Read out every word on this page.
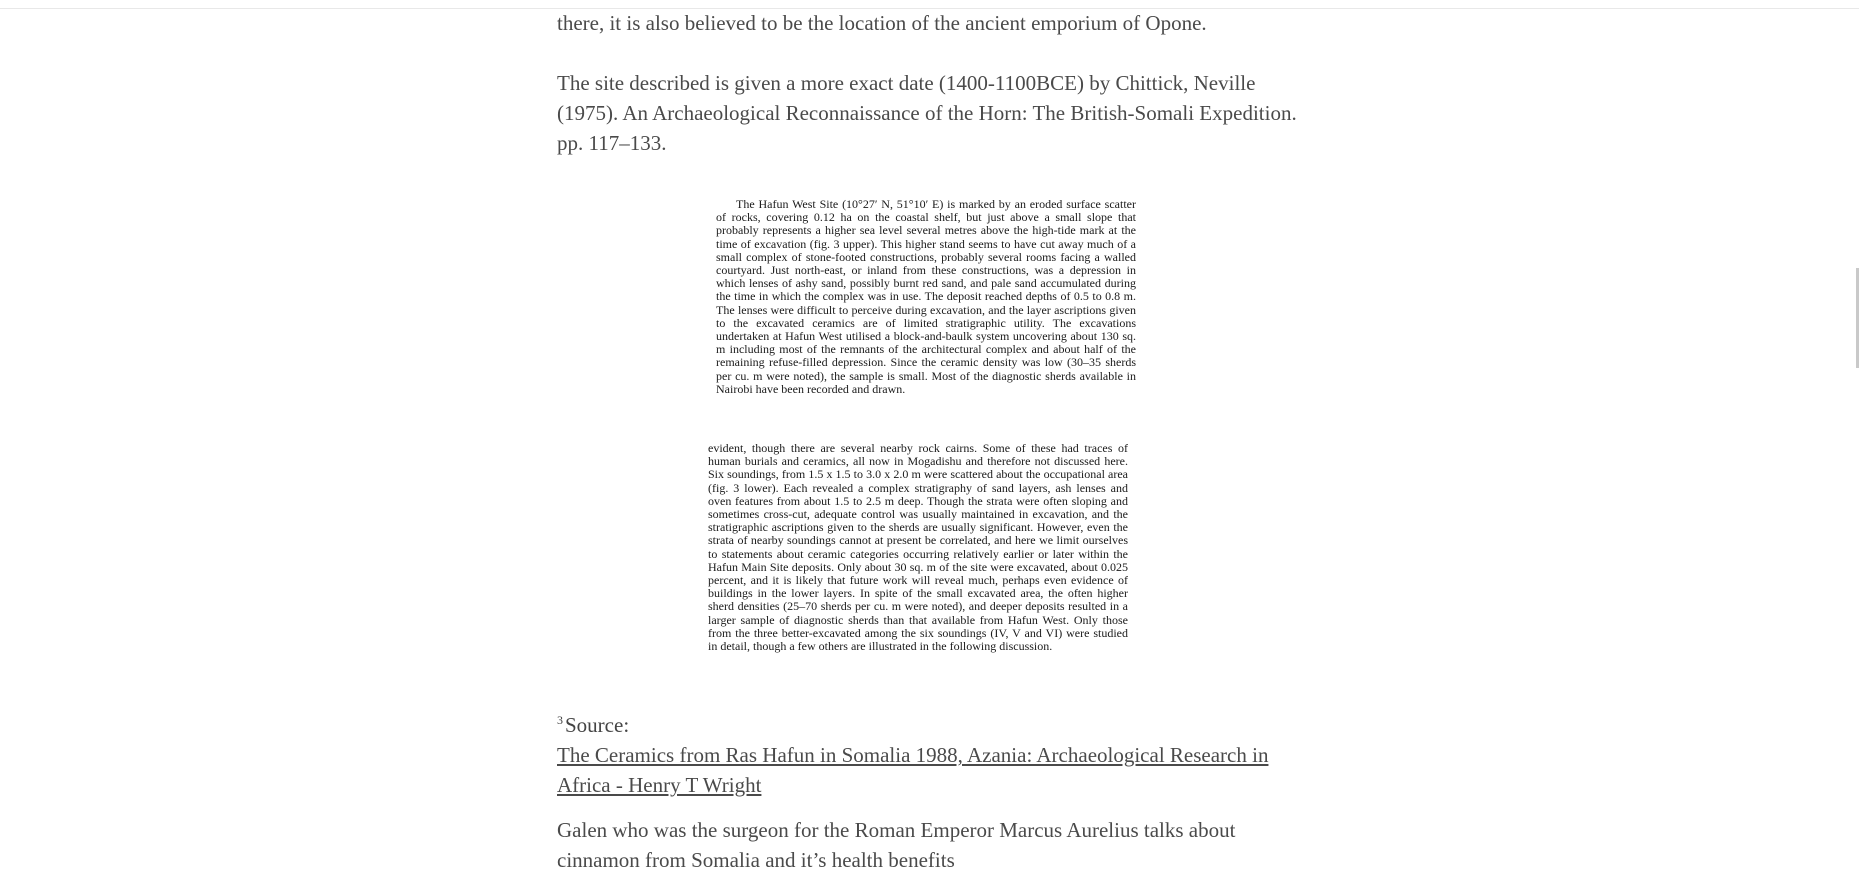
there, it is also believed to be the location of the ancient emporium of Opone.

The site described is given a more exact date (1400-1100BCE) by Chittick, Neville (1975). An Archaeological Reconnaissance of the Horn: The British-Somali Expedition. pp. 117–133.

$^3$Source:
The Ceramics from Ras Hafun in Somalia 1988, Azania: Archaeological Research in Africa - Henry T Wright

Galen who was the surgeon for the Roman Emperor Marcus Aurelius talks about cinnamon from Somalia and it’s health benefits

The Hafun West Site (10°27′ N, 51°10′ E) is marked by an eroded surface scatter of rocks, covering 0.12 ha on the coastal shelf, but just above a small slope that probably represents a higher sea level several metres above the high-tide mark at the time of excavation (fig. 3 upper). This higher stand seems to have cut away much of a small complex of stone-footed constructions, probably several rooms facing a walled courtyard. Just north-east, or inland from these constructions, was a depression in which lenses of ashy sand, possibly burnt red sand, and pale sand accumulated during the time in which the complex was in use. The deposit reached depths of 0.5 to 0.8 m. The lenses were difficult to perceive during excavation, and the layer ascriptions given to the excavated ceramics are of limited stratigraphic utility. The excavations undertaken at Hafun West utilised a block-and-baulk system uncovering about 130 sq. m including most of the remnants of the architectural complex and about half of the remaining refuse-filled depression. Since the ceramic density was low (30–35 sherds per cu. m were noted), the sample is small. Most of the diagnostic sherds available in Nairobi have been recorded and drawn.

evident, though there are several nearby rock cairns. Some of these had traces of human burials and ceramics, all now in Mogadishu and therefore not discussed here. Six soundings, from 1.5 x 1.5 to 3.0 x 2.0 m were scattered about the occupational area (fig. 3 lower). Each revealed a complex stratigraphy of sand layers, ash lenses and oven features from about 1.5 to 2.5 m deep. Though the strata were often sloping and sometimes cross-cut, adequate control was usually maintained in excavation, and the stratigraphic ascriptions given to the sherds are usually significant. However, even the strata of nearby soundings cannot at present be correlated, and here we limit ourselves to statements about ceramic categories occurring relatively earlier or later within the Hafun Main Site deposits. Only about 30 sq. m of the site were excavated, about 0.025 percent, and it is likely that future work will reveal much, perhaps even evidence of buildings in the lower layers. In spite of the small excavated area, the often higher sherd densities (25–70 sherds per cu. m were noted), and deeper deposits resulted in a larger sample of diagnostic sherds than that available from Hafun West. Only those from the three better-excavated among the six soundings (IV, V and VI) were studied in detail, though a few others are illustrated in the following discussion.
